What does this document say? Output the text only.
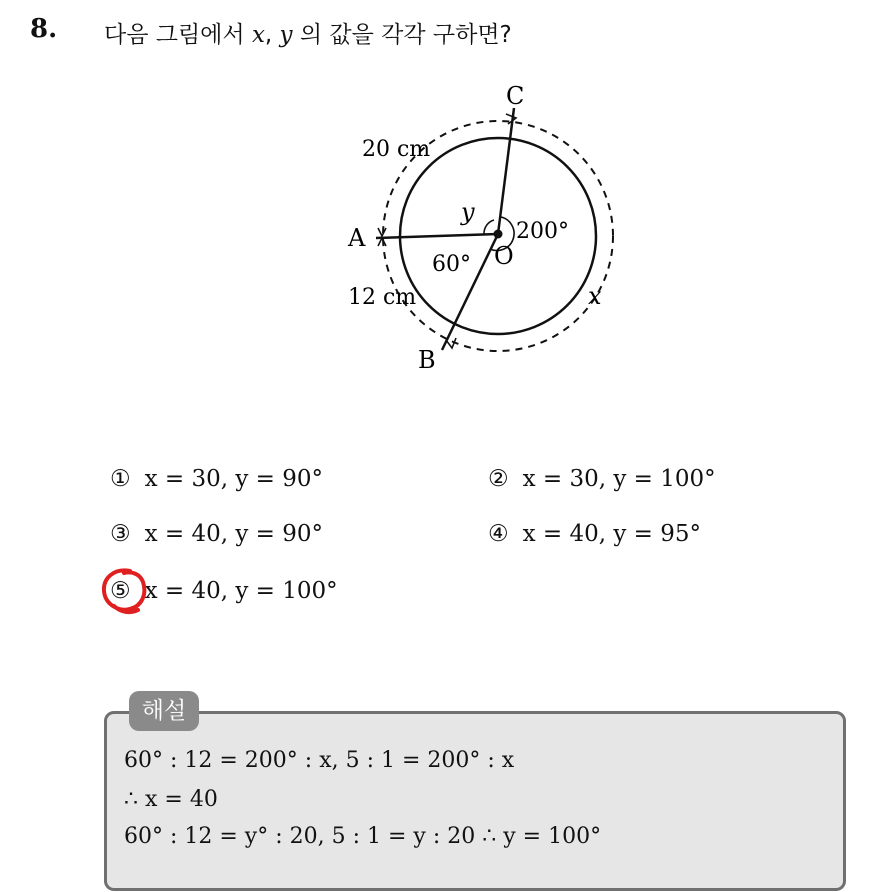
8. 다음 그림에서 x, y 의 값을 각각 구하면?
C
A
B
O
y
x
200°
60°
20 cm
12 cm
① x = 30, y = 90°	② x = 30, y = 100°
③ x = 40, y = 90°	④ x = 40, y = 95°
⑤ x = 40, y = 100°
해설
60° : 12 = 200° : x, 5 : 1 = 200° : x
∴ x = 40
60° : 12 = y° : 20, 5 : 1 = y : 20 ∴ y = 100°
